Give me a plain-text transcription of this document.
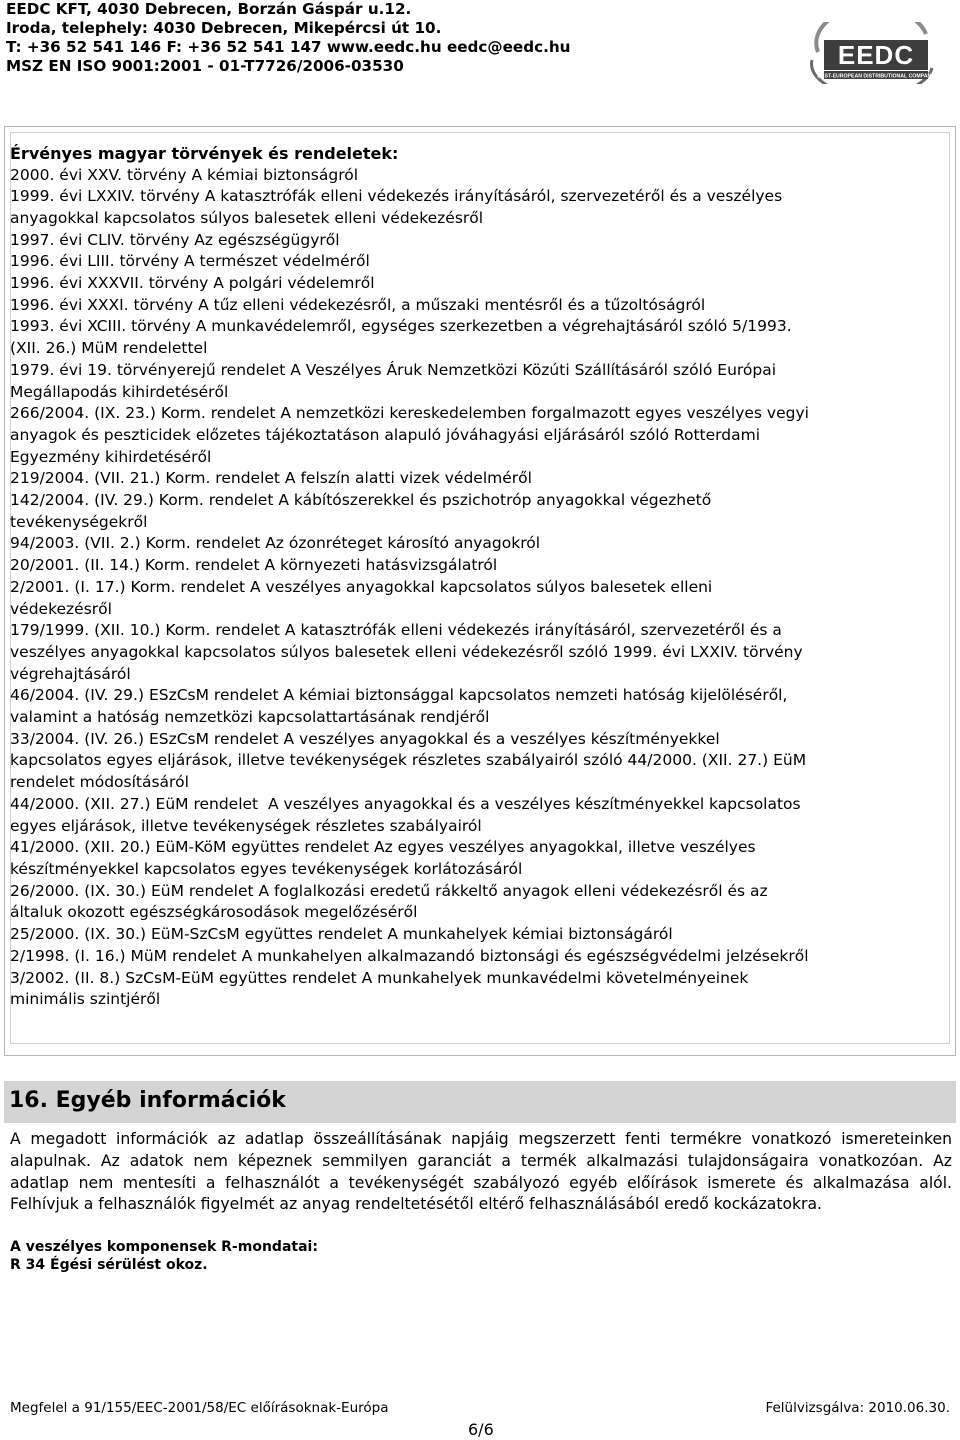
EEDC KFT, 4030 Debrecen, Borzán Gáspár u.12.
Iroda, telephely: 4030 Debrecen, Mikepércsi út 10.
T: +36 52 541 146 F: +36 52 541 147 www.eedc.hu eedc@eedc.hu
MSZ EN ISO 9001:2001 - 01-T7726/2006-03530	EEDC
EAST-EUROPEAN DISTRIBUTIONAL COMPANY
Érvényes magyar törvények és rendeletek:
2000. évi XXV. törvény A kémiai biztonságról
1999. évi LXXIV. törvény A katasztrófák elleni védekezés irányításáról, szervezetéről és a veszélyes
anyagokkal kapcsolatos súlyos balesetek elleni védekezésről
1997. évi CLIV. törvény Az egészségügyről
1996. évi LIII. törvény A természet védelméről
1996. évi XXXVII. törvény A polgári védelemről
1996. évi XXXI. törvény A tűz elleni védekezésről, a műszaki mentésről és a tűzoltóságról
1993. évi XCIII. törvény A munkavédelemről, egységes szerkezetben a végrehajtásáról szóló 5/1993.
(XII. 26.) MüM rendelettel
1979. évi 19. törvényerejű rendelet A Veszélyes Áruk Nemzetközi Közúti Szállításáról szóló Európai
Megállapodás kihirdetéséről
266/2004. (IX. 23.) Korm. rendelet A nemzetközi kereskedelemben forgalmazott egyes veszélyes vegyi
anyagok és peszticidek előzetes tájékoztatáson alapuló jóváhagyási eljárásáról szóló Rotterdami
Egyezmény kihirdetéséről
219/2004. (VII. 21.) Korm. rendelet A felszín alatti vizek védelméről
142/2004. (IV. 29.) Korm. rendelet A kábítószerekkel és pszichotróp anyagokkal végezhető
tevékenységekről
94/2003. (VII. 2.) Korm. rendelet Az ózonréteget károsító anyagokról
20/2001. (II. 14.) Korm. rendelet A környezeti hatásvizsgálatról
2/2001. (I. 17.) Korm. rendelet A veszélyes anyagokkal kapcsolatos súlyos balesetek elleni
védekezésről
179/1999. (XII. 10.) Korm. rendelet A katasztrófák elleni védekezés irányításáról, szervezetéről és a
veszélyes anyagokkal kapcsolatos súlyos balesetek elleni védekezésről szóló 1999. évi LXXIV. törvény
végrehajtásáról
46/2004. (IV. 29.) ESzCsM rendelet A kémiai biztonsággal kapcsolatos nemzeti hatóság kijelöléséről,
valamint a hatóság nemzetközi kapcsolattartásának rendjéről
33/2004. (IV. 26.) ESzCsM rendelet A veszélyes anyagokkal és a veszélyes készítményekkel
kapcsolatos egyes eljárások, illetve tevékenységek részletes szabályairól szóló 44/2000. (XII. 27.) EüM
rendelet módosításáról
44/2000. (XII. 27.) EüM rendelet  A veszélyes anyagokkal és a veszélyes készítményekkel kapcsolatos
egyes eljárások, illetve tevékenységek részletes szabályairól
41/2000. (XII. 20.) EüM-KöM együttes rendelet Az egyes veszélyes anyagokkal, illetve veszélyes
készítményekkel kapcsolatos egyes tevékenységek korlátozásáról
26/2000. (IX. 30.) EüM rendelet A foglalkozási eredetű rákkeltő anyagok elleni védekezésről és az
általuk okozott egészségkárosodások megelőzéséről
25/2000. (IX. 30.) EüM-SzCsM együttes rendelet A munkahelyek kémiai biztonságáról
2/1998. (I. 16.) MüM rendelet A munkahelyen alkalmazandó biztonsági és egészségvédelmi jelzésekről
3/2002. (II. 8.) SzCsM-EüM együttes rendelet A munkahelyek munkavédelmi követelményeinek
minimális szintjéről
16. Egyéb információk

A megadott információk az adatlap összeállításának napjáig megszerzett fenti termékre vonatkozó ismereteinken alapulnak. Az adatok nem képeznek semmilyen garanciát a termék alkalmazási tulajdonságaira vonatkozóan. Az adatlap nem mentesíti a felhasználót a tevékenységét szabályozó egyéb előírások ismerete és alkalmazása alól. Felhívjuk a felhasználók figyelmét az anyag rendeltetésétől eltérő felhasználásából eredő kockázatokra.

A veszélyes komponensek R-mondatai:
R 34 Égési sérülést okoz.
Megfelel a 91/155/EEC-2001/58/EC előírásoknak-Európa	Felülvizsgálva: 2010.06.30.
6/6
